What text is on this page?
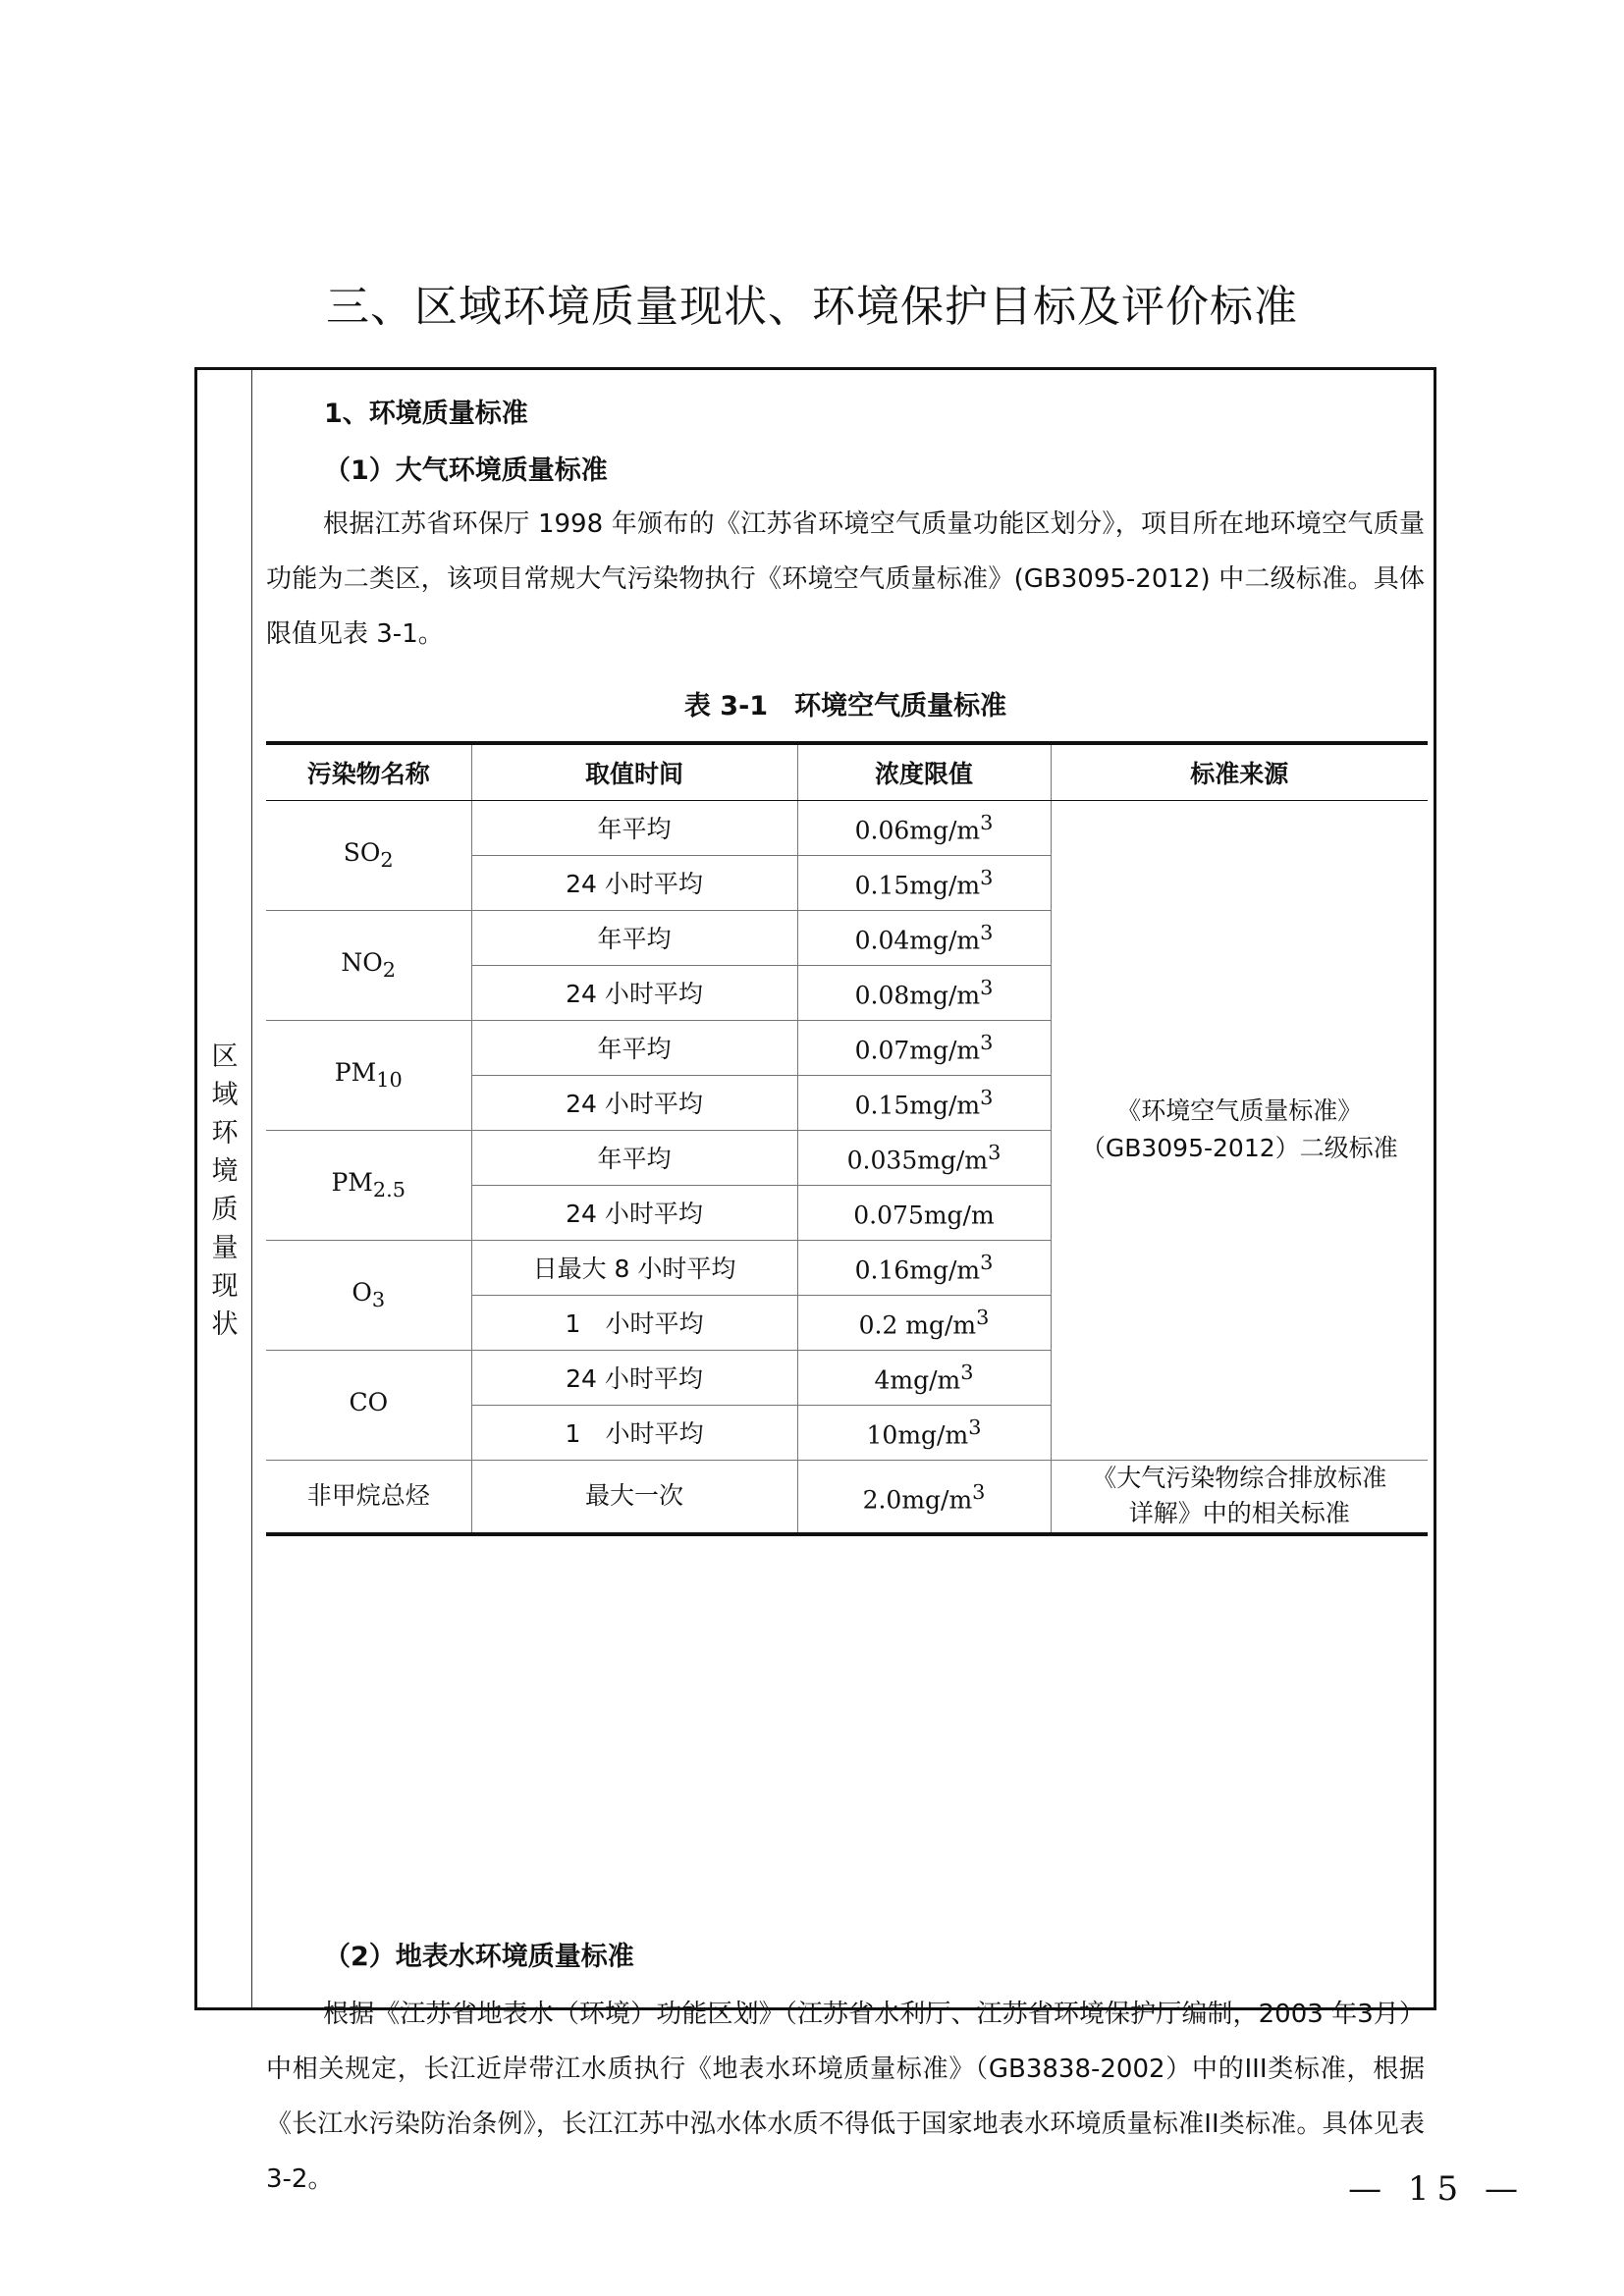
三、区域环境质量现状、环境保护目标及评价标准
区
域
环
境
质
量
现
状
1、环境质量标准
（1）大气环境质量标准

根据江苏省环保厅 1998 年颁布的《江苏省环境空气质量功能区划分》，项目所在地环境空气质量功能为二类区，该项目常规大气污染物执行《环境空气质量标准》(GB3095-2012) 中二级标准。具体限值见表 3-1。

表 3-1　环境空气质量标准
污染物名称	取值时间	浓度限值	标准来源
$SO_2$	年平均	$0.06mg/m^3$	《环境空气质量标准》
（GB3095-2012）二级标准

	24 小时平均	$0.15mg/m^3$
$NO_2$	年平均	$0.04mg/m^3$
	24 小时平均	$0.08mg/m^3$
$PM_{10}$	年平均	$0.07mg/m^3$
	24 小时平均	$0.15mg/m^3$
$PM_{2.5}$	年平均	$0.035mg/m^3$
	24 小时平均	0.075mg/m	
$O_3$	日最大 8 小时平均	$0.16mg/m^3$
	1　小时平均	0.2 $mg/m^3$
CO	24 小时平均	$4mg/m^3$
	1　小时平均	$10mg/m^3$
非甲烷总烃	最大一次	$2.0mg/m^3$	《大气污染物综合排放标准
详解》中的相关标准
（2）地表水环境质量标准

根据《江苏省地表水（环境）功能区划》（江苏省水利厅、江苏省环境保护厅编制，2003 年3月）中相关规定，长江近岸带江水质执行《地表水环境质量标准》（GB3838-2002）中的III类标准，根据《长江水污染防治条例》，长江江苏中泓水体水质不得低于国家地表水环境质量标准II类标准。具体见表3-2。	— 15 —
